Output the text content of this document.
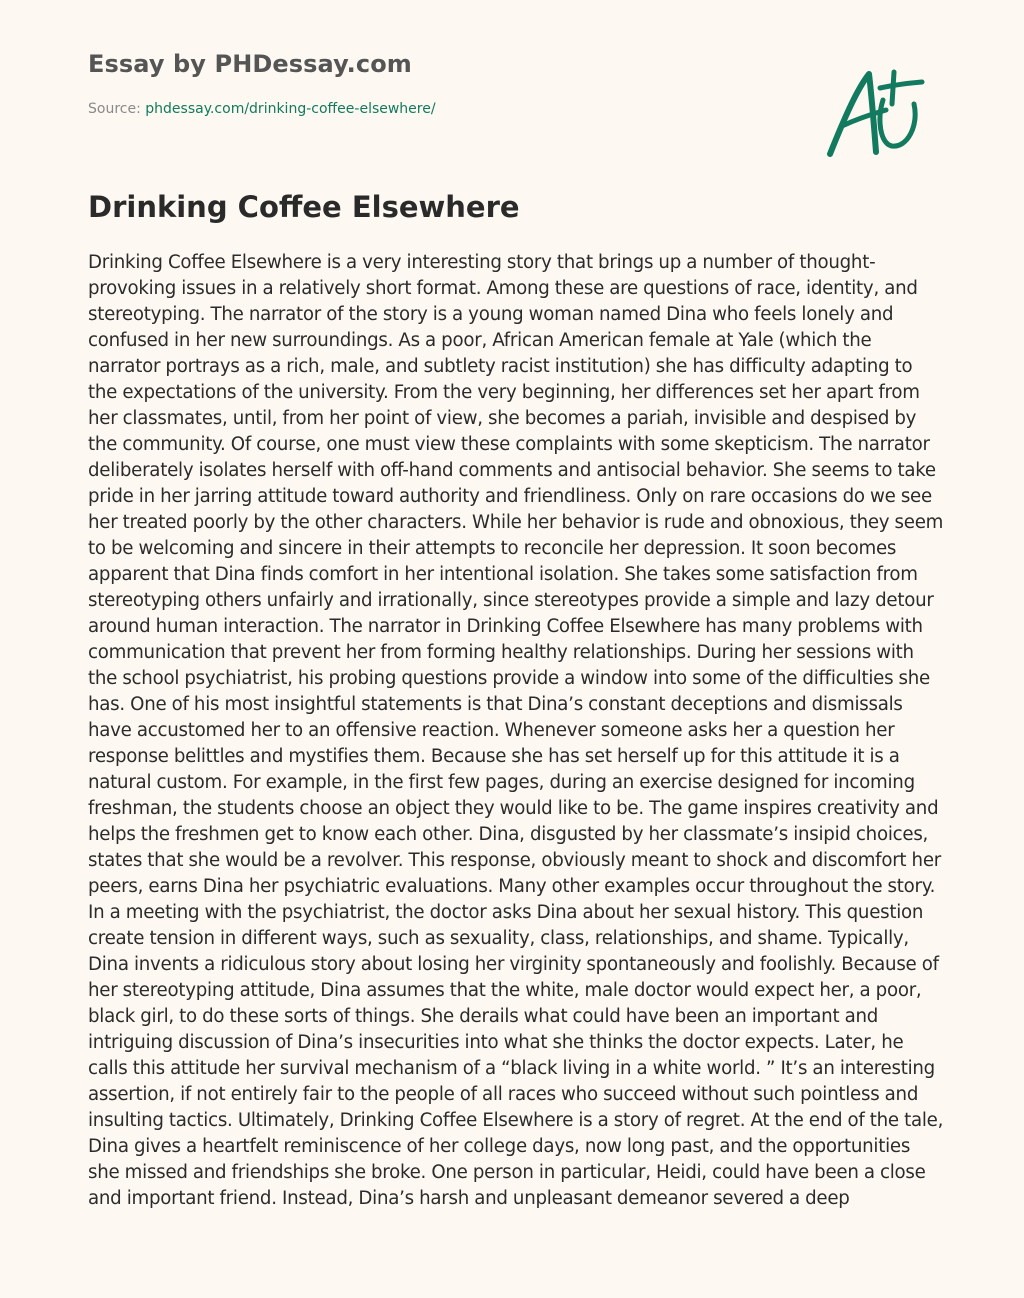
Essay by PHDessay.com
Source: phdessay.com/drinking-coffee-elsewhere/
Drinking Coffee Elsewhere

Drinking Coffee Elsewhere is a very interesting story that brings up a number of thought-provoking issues in a relatively short format. Among these are questions of race, identity, and stereotyping. The narrator of the story is a young woman named Dina who feels lonely and confused in her new surroundings. As a poor, African American female at Yale (which the narrator portrays as a rich, male, and subtlety racist institution) she has difficulty adapting to the expectations of the university. From the very beginning, her differences set her apart from her classmates, until, from her point of view, she becomes a pariah, invisible and despised by the community. Of course, one must view these complaints with some skepticism. The narrator deliberately isolates herself with off-hand comments and antisocial behavior. She seems to take pride in her jarring attitude toward authority and friendliness. Only on rare occasions do we see her treated poorly by the other characters. While her behavior is rude and obnoxious, they seem to be welcoming and sincere in their attempts to reconcile her depression. It soon becomes apparent that Dina finds comfort in her intentional isolation. She takes some satisfaction from stereotyping others unfairly and irrationally, since stereotypes provide a simple and lazy detour around human interaction. The narrator in Drinking Coffee Elsewhere has many problems with communication that prevent her from forming healthy relationships. During her sessions with the school psychiatrist, his probing questions provide a window into some of the difficulties she has. One of his most insightful statements is that Dina’s constant deceptions and dismissals have accustomed her to an offensive reaction. Whenever someone asks her a question her response belittles and mystifies them. Because she has set herself up for this attitude it is a natural custom. For example, in the first few pages, during an exercise designed for incoming freshman, the students choose an object they would like to be. The game inspires creativity and helps the freshmen get to know each other. Dina, disgusted by her classmate’s insipid choices, states that she would be a revolver. This response, obviously meant to shock and discomfort her peers, earns Dina her psychiatric evaluations. Many other examples occur throughout the story. In a meeting with the psychiatrist, the doctor asks Dina about her sexual history. This question create tension in different ways, such as sexuality, class, relationships, and shame. Typically, Dina invents a ridiculous story about losing her virginity spontaneously and foolishly. Because of her stereotyping attitude, Dina assumes that the white, male doctor would expect her, a poor, black girl, to do these sorts of things. She derails what could have been an important and intriguing discussion of Dina’s insecurities into what she thinks the doctor expects. Later, he calls this attitude her survival mechanism of a “black living in a white world. ” It’s an interesting assertion, if not entirely fair to the people of all races who succeed without such pointless and insulting tactics. Ultimately, Drinking Coffee Elsewhere is a story of regret. At the end of the tale, Dina gives a heartfelt reminiscence of her college days, now long past, and the opportunities she missed and friendships she broke. One person in particular, Heidi, could have been a close and important friend. Instead, Dina’s harsh and unpleasant demeanor severed a deep
